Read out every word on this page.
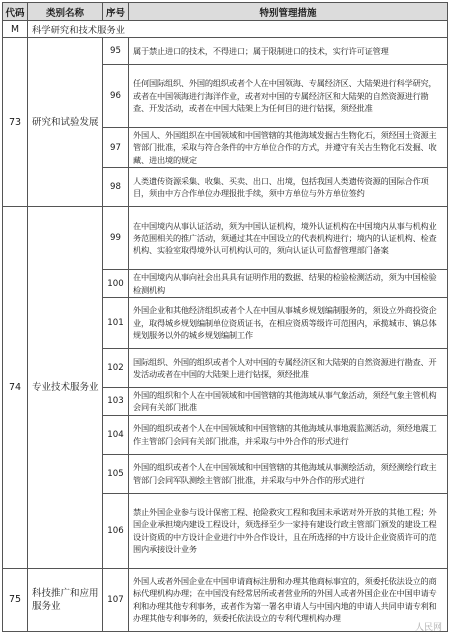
代码	类别名称	序号	特别管理措施
M	科学研究和技术服务业		
73	研究和试验发展	95	属于禁止进口的技术，不得进口；属于限制进口的技术，实行许可证管理
		96	任何国际组织、外国的组织或者个人在中国领海、专属经济区、大陆架进行科学研究，或者在中国领海进行海洋作业，或者对中国的专属经济区和大陆架的自然资源进行勘查、开发活动，或者在中国大陆架上为任何目的进行钻探，须经批准
		97	外国人、外国组织在中国领域和中国管辖的其他海域发掘古生物化石，须经国土资源主管部门批准，采取与符合条件的中方单位合作的方式，并遵守有关古生物化石发掘、收藏、进出境的规定
		98	人类遗传资源采集、收集、买卖、出口、出境，包括我国人类遗传资源的国际合作项目，须由中方合作单位办理报批手续，须中方单位与外方单位签约
74	专业技术服务业	99	在中国境内从事认证活动，须为中国认证机构，境外认证机构在中国境内从事与机构业务范围相关的推广活动，须通过其在中国设立的代表机构进行；境内的认证机构、检查机构、实验室取得境外认可机构认可的，须向认证认可监督管理部门备案
		100	在中国境内从事向社会出具具有证明作用的数据、结果的检验检测活动，须为中国检验检测机构
		101	外国企业和其他经济组织或者个人在中国从事城乡规划编制服务的，须设立外商投资企业，取得城乡规划编制单位资质证书，在相应资质等级许可范围内，承揽城市、镇总体规划服务以外的城乡规划编制工作
		102	国际组织、外国的组织或者个人对中国的专属经济区和大陆架的自然资源进行勘查、开发活动或者在中国的大陆架上进行钻探，须经批准
		103	外国的组织和个人在中国领域和中国管辖的其他海域从事气象活动，须经气象主管机构会同有关部门批准
		104	外国的组织或者个人在中国领域和中国管辖的其他海域从事地震监测活动，须经地震工作主管部门会同有关部门批准，并采取与中外合作的形式进行
		105	外国的组织或者个人在中国领域和中国管辖的其他海域从事测绘活动，须经测绘行政主管部门会同军队测绘主管部门批准，并采取与中外合作的形式进行
		106	禁止外国企业参与设计保密工程、抢险救灾工程和我国未承诺对外开放的其他工程；外国企业承担境内建设工程设计，须选择至少一家持有建设行政主管部门颁发的建设工程设计资质的中方设计企业进行中外合作设计，且在所选择的中方设计企业资质许可的范围内承接设计业务
75	科技推广和应用服务业	107	外国人或者外国企业在中国申请商标注册和办理其他商标事宜的，须委托依法设立的商标代理机构办理；在中国没有经常居所或者营业所的外国人或者外国企业在中国申请专利和办理其他专利事务，或者作为第一署名申请人与中国内地的申请人共同申请专利和办理其他专利事务的，须委托依法设立的专利代理机构办理
人民网
